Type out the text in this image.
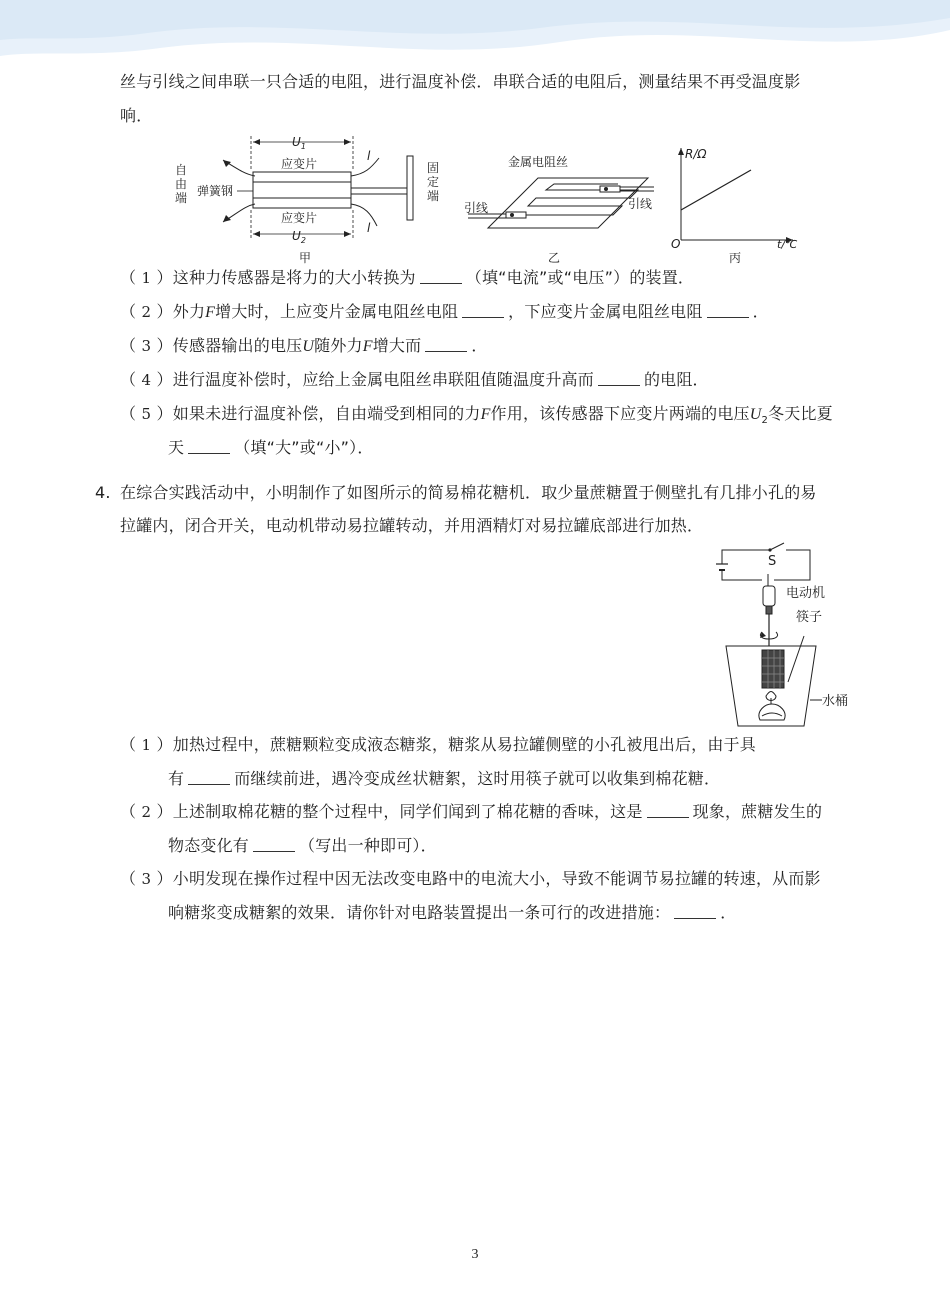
丝与引线之间串联一只合适的电阻，进行温度补偿．串联合适的电阻后，测量结果不再受温度影
响．
$U_1$
应变片
应变片
$U_2$
弹簧钢
自
由
端
固
定
端
l
l
甲
金属电阻丝
引线	引线
乙
R/Ω
t/℃
O
丙
（ 1 ）这种力传感器是将力的大小转换为	（填“电流”或“电压”）的装置．
（ 2 ）外力F增大时，上应变片金属电阻丝电阻	，下应变片金属电阻丝电阻	．
（ 3 ）传感器输出的电压U随外力F增大而	．
（ 4 ）进行温度补偿时，应给上金属电阻丝串联阻值随温度升高而	的电阻．
（ 5 ）如果未进行温度补偿，自由端受到相同的力F作用，该传感器下应变片两端的电压$U_2$冬天比夏
天	（填“大”或“小”）．
4. 在综合实践活动中，小明制作了如图所示的简易棉花糖机．取少量蔗糖置于侧壁扎有几排小孔的易
拉罐内，闭合开关，电动机带动易拉罐转动，并用酒精灯对易拉罐底部进行加热．
S
电动机
筷子
水桶
（ 1 ）加热过程中，蔗糖颗粒变成液态糖浆，糖浆从易拉罐侧壁的小孔被甩出后，由于具
有	而继续前进，遇冷变成丝状糖絮，这时用筷子就可以收集到棉花糖．
（ 2 ）上述制取棉花糖的整个过程中，同学们闻到了棉花糖的香味，这是	现象，蔗糖发生的
物态变化有	（写出一种即可）．
（ 3 ）小明发现在操作过程中因无法改变电路中的电流大小，导致不能调节易拉罐的转速，从而影
响糖浆变成糖絮的效果．请你针对电路装置提出一条可行的改进措施：	．
3
